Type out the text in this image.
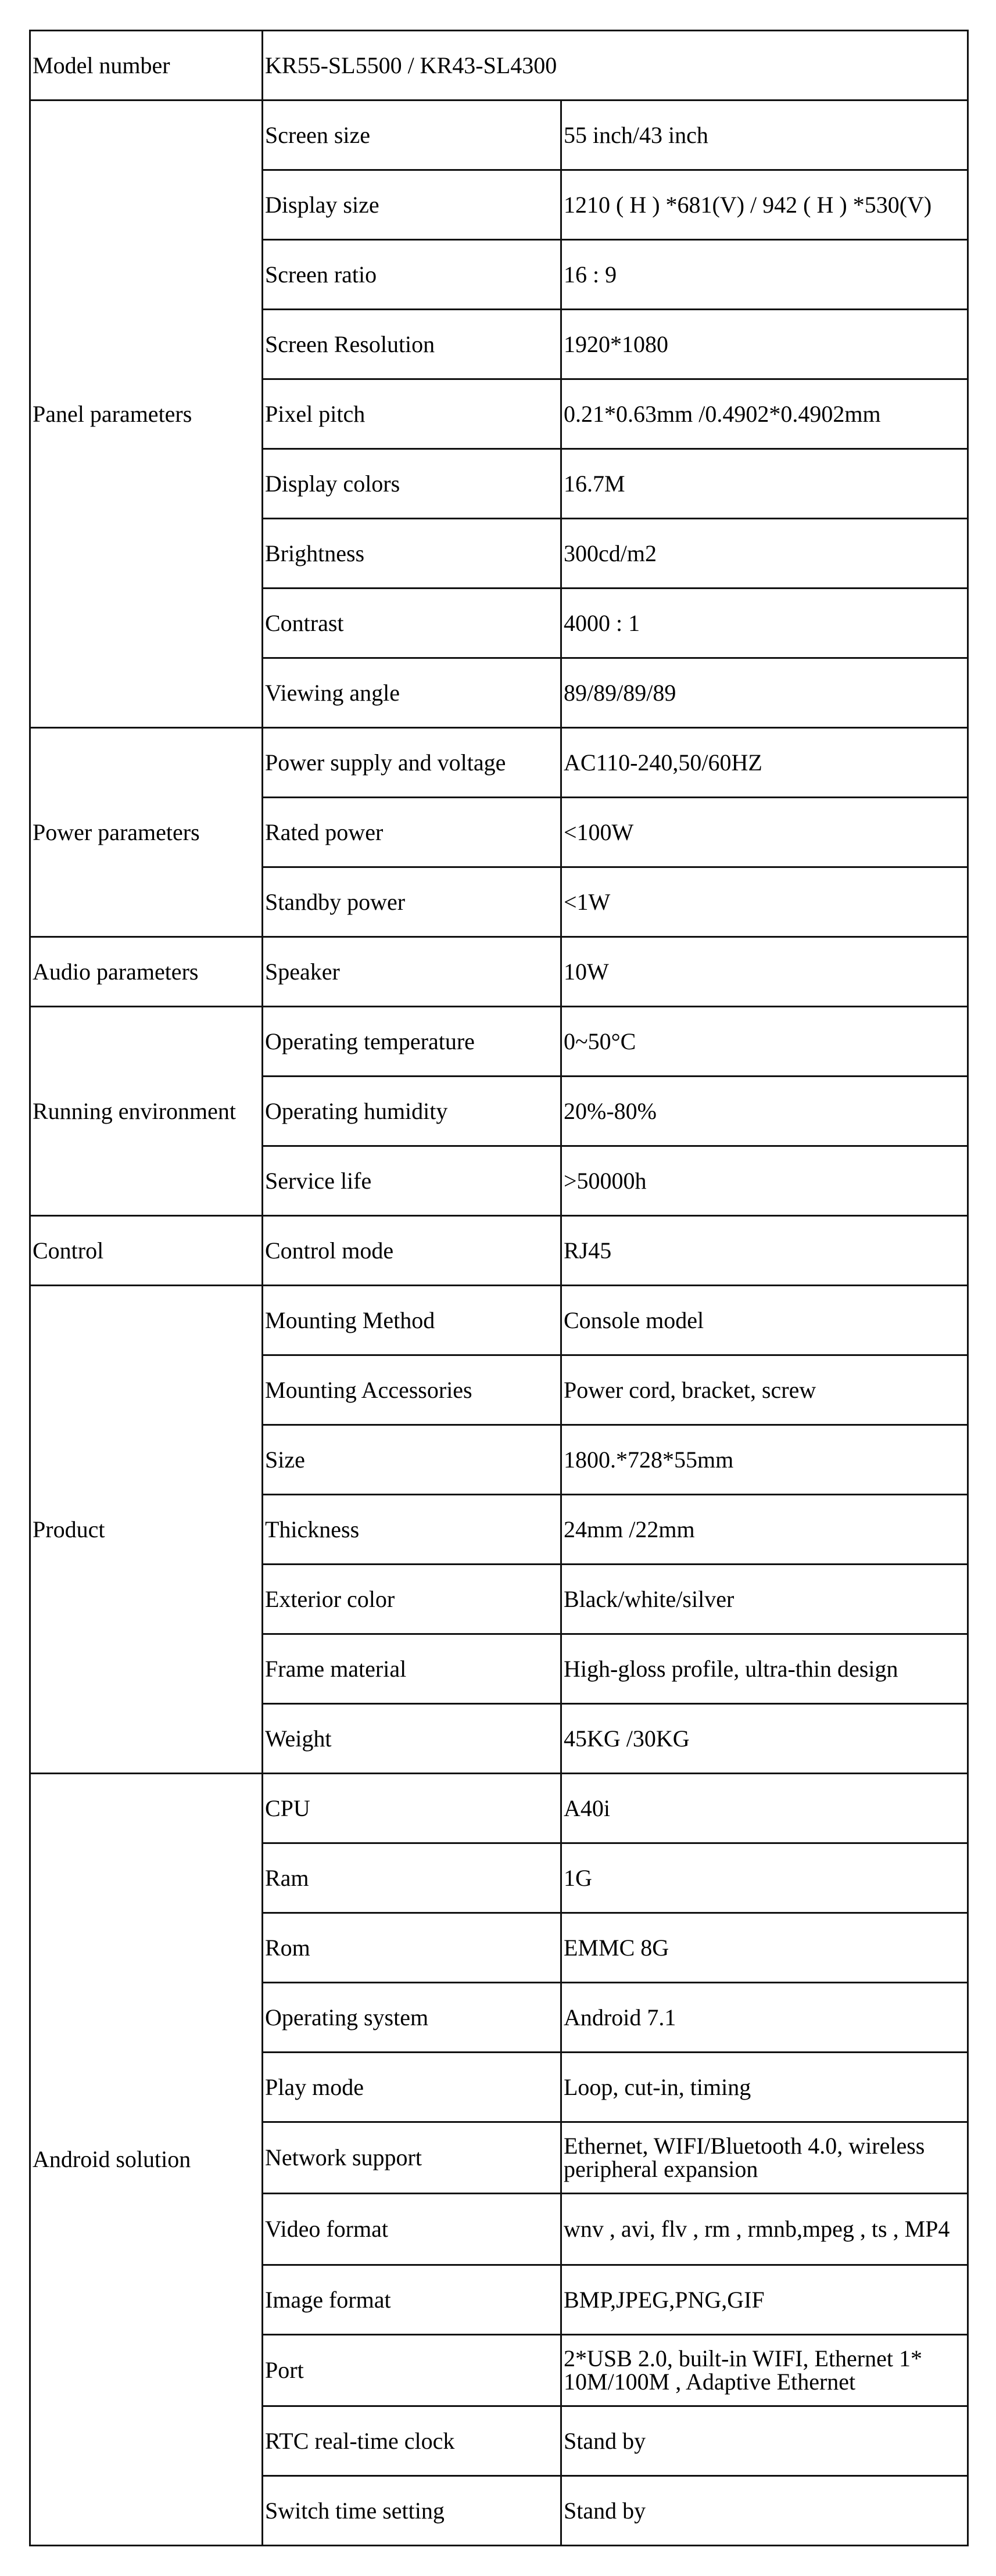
Model number	KR55-SL5500 / KR43-SL4300	
Panel parameters	Screen size	55 inch/43 inch
	Display size	1210 ( H ) *681(V) / 942 ( H ) *530(V)
	Screen ratio	16 : 9
	Screen Resolution	1920*1080
	Pixel pitch	0.21*0.63mm /0.4902*0.4902mm
	Display colors	16.7M
	Brightness	300cd/m2
	Contrast	4000 : 1
	Viewing angle	89/89/89/89
Power parameters	Power supply and voltage	AC110-240,50/60HZ
	Rated power	<100W
	Standby power	<1W
Audio parameters	Speaker	10W
Running environment	Operating temperature	0~50°C
	Operating humidity	20%-80%
	Service life	>50000h
Control	Control mode	RJ45
Product	Mounting Method	Console model
	Mounting Accessories	Power cord, bracket, screw
	Size	1800.*728*55mm
	Thickness	24mm /22mm
	Exterior color	Black/white/silver
	Frame material	High-gloss profile, ultra-thin design
	Weight	45KG /30KG
Android solution	CPU	A40i
	Ram	1G
	Rom	EMMC 8G
	Operating system	Android 7.1
	Play mode	Loop, cut-in, timing
	Network support	Ethernet, WIFI/Bluetooth 4.0, wireless peripheral expansion
	Video format	wnv , avi, flv , rm , rmnb,mpeg , ts , MP4
	Image format	BMP,JPEG,PNG,GIF
	Port	2*USB 2.0, built-in WIFI, Ethernet 1* 10M/100M , Adaptive Ethernet
	RTC real-time clock	Stand by
	Switch time setting	Stand by
